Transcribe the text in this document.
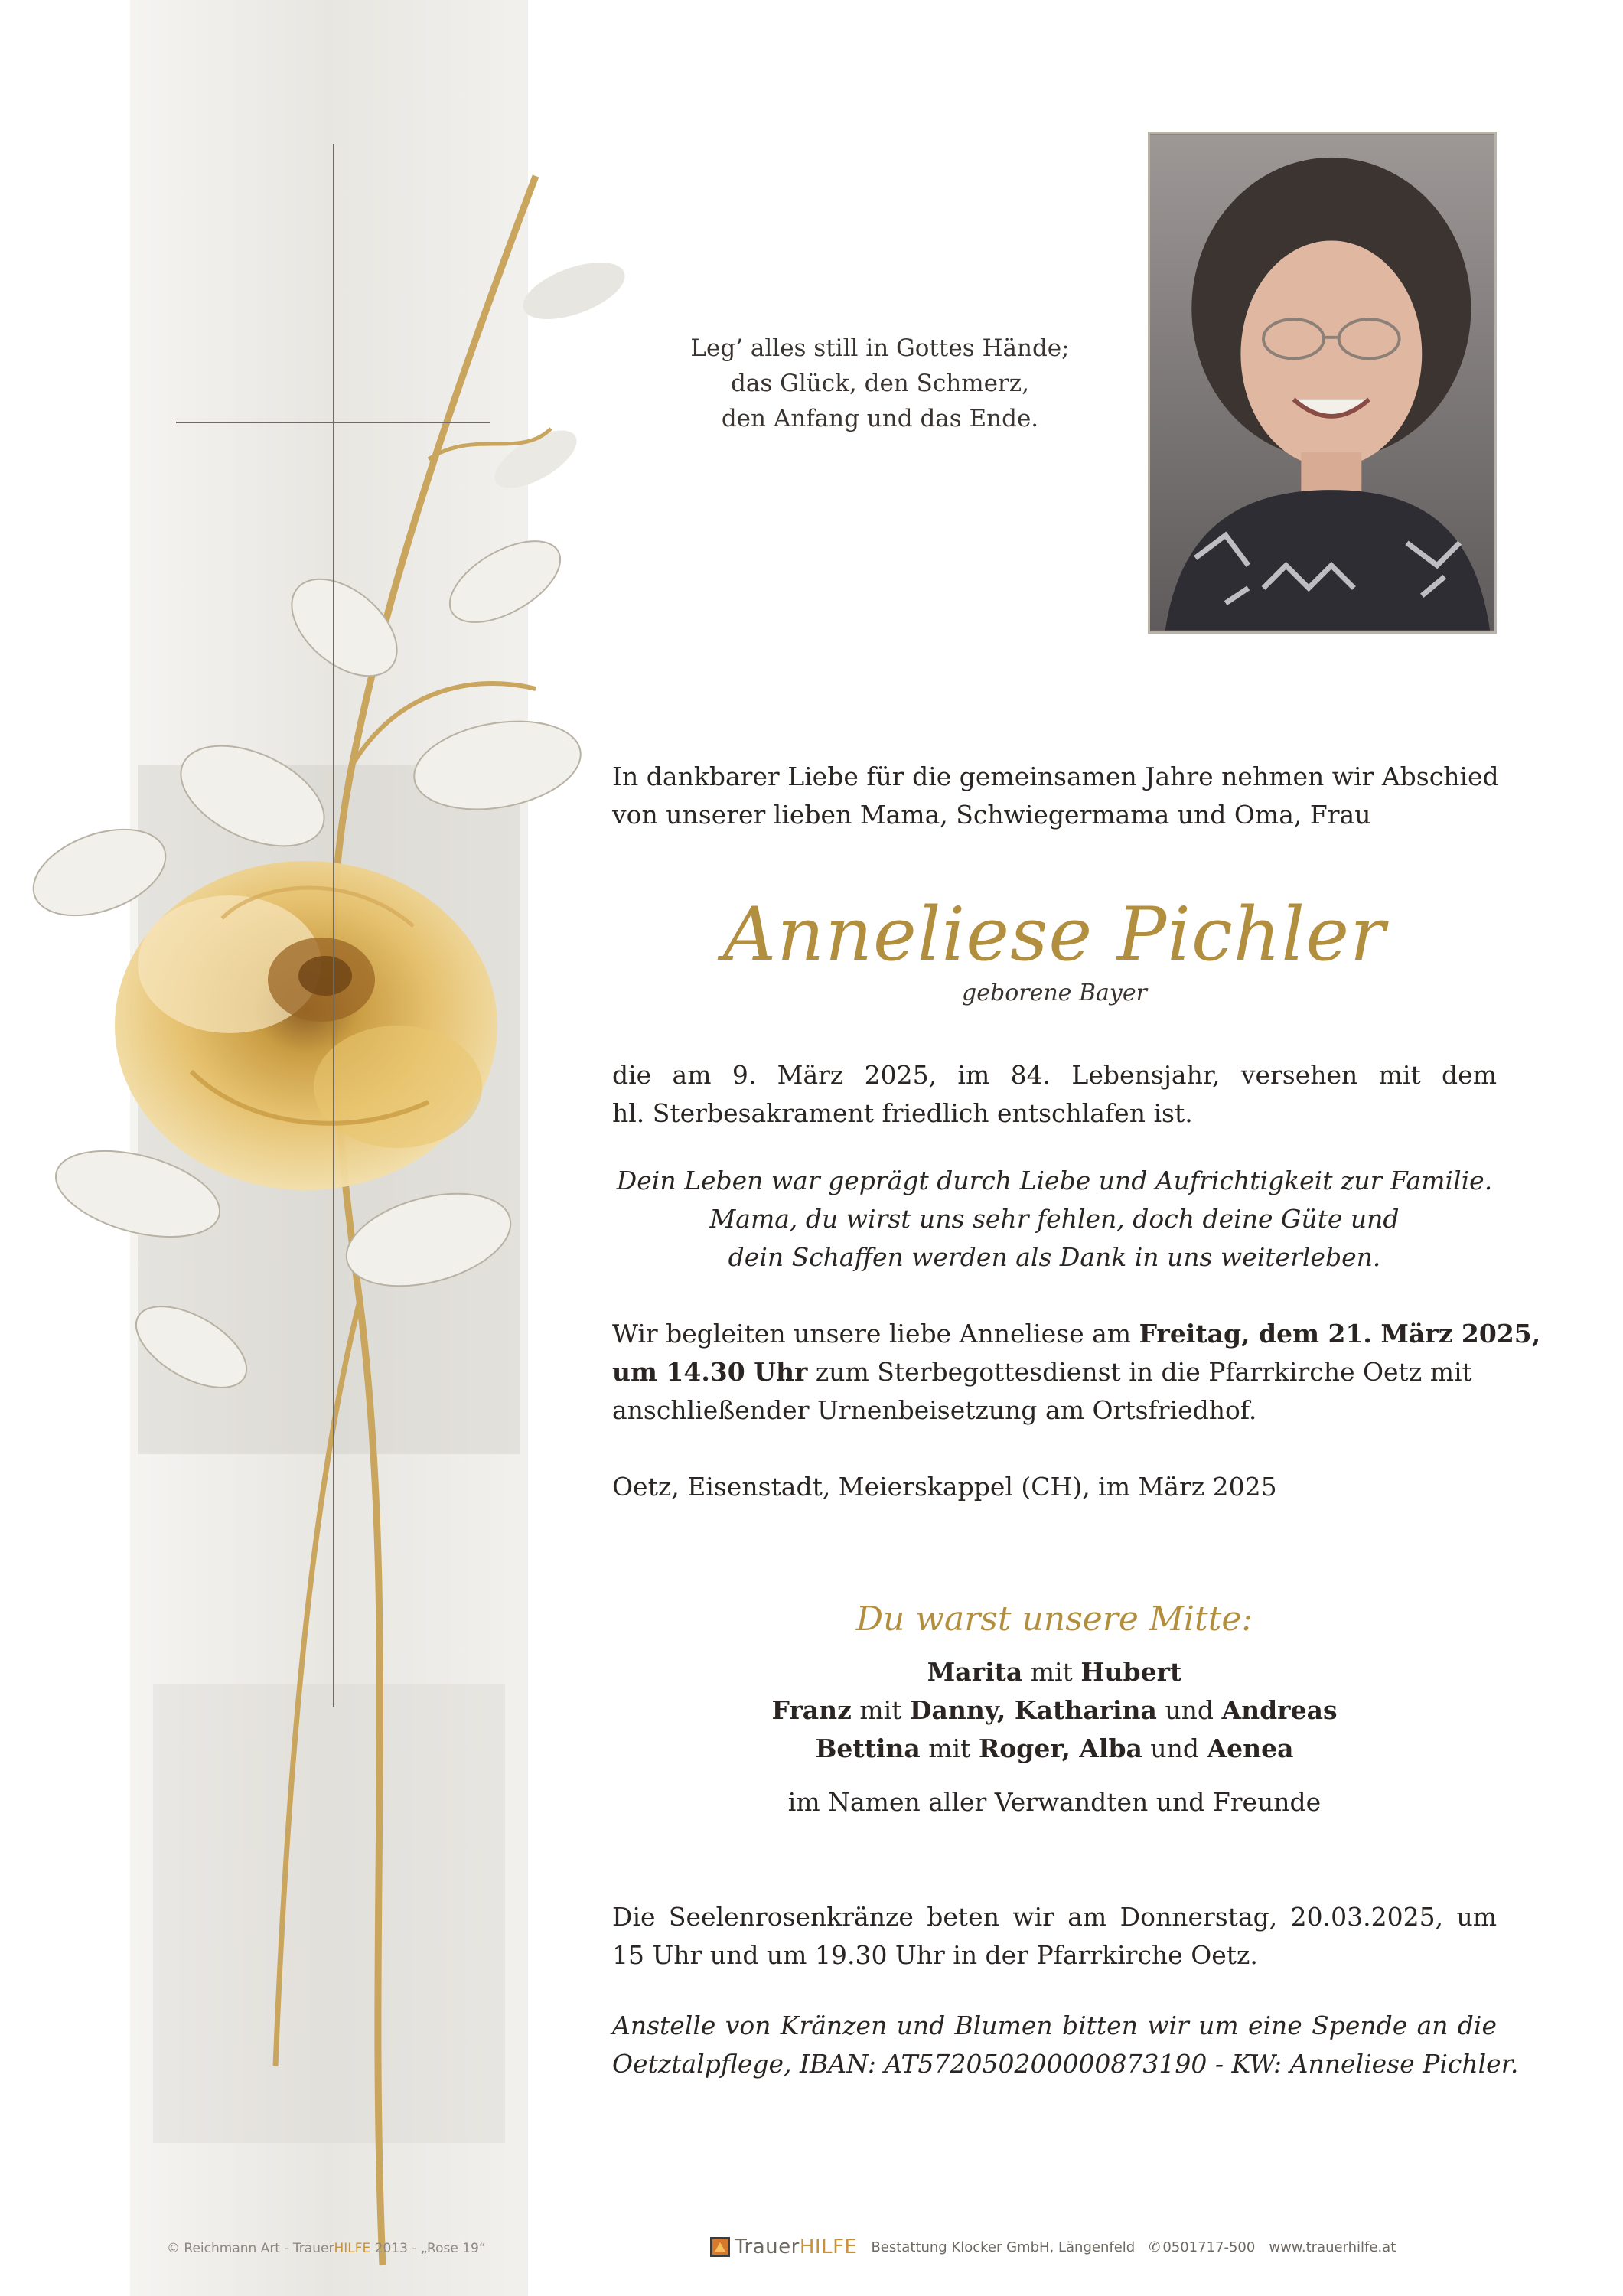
Leg’ alles still in Gottes Hände;
das Glück, den Schmerz,
den Anfang und das Ende.
In dankbarer Liebe für die gemeinsamen Jahre nehmen wir Abschied
von unserer lieben Mama, Schwiegermama und Oma, Frau
Anneliese Pichler
geborene Bayer
die am 9. März 2025, im 84. Lebensjahr, versehen mit dem
hl. Sterbesakrament friedlich entschlafen ist.
Dein Leben war geprägt durch Liebe und Aufrichtigkeit zur Familie.
Mama, du wirst uns sehr fehlen, doch deine Güte und
dein Schaffen werden als Dank in uns weiterleben.
Wir begleiten unsere liebe Anneliese am Freitag, dem 21. März 2025,
um 14.30 Uhr zum Sterbegottesdienst in die Pfarrkirche Oetz mit
anschließender Urnenbeisetzung am Ortsfriedhof.
Oetz, Eisenstadt, Meierskappel (CH), im März 2025
Du warst unsere Mitte:
Marita mit Hubert
Franz mit Danny, Katharina und Andreas
Bettina mit Roger, Alba und Aenea
im Namen aller Verwandten und Freunde
Die Seelenrosenkränze beten wir am Donnerstag, 20.03.2025, um
15 Uhr und um 19.30 Uhr in der Pfarrkirche Oetz.
Anstelle von Kränzen und Blumen bitten wir um eine Spende an die
Oetztalpflege, IBAN: AT572050200000873190 - KW: Anneliese Pichler.
© Reichmann Art - TrauerHILFE 2013 - „Rose 19“	TrauerHILFE Bestattung Klocker GmbH, Längenfeld ✆ 0501717-500 www.trauerhilfe.at
